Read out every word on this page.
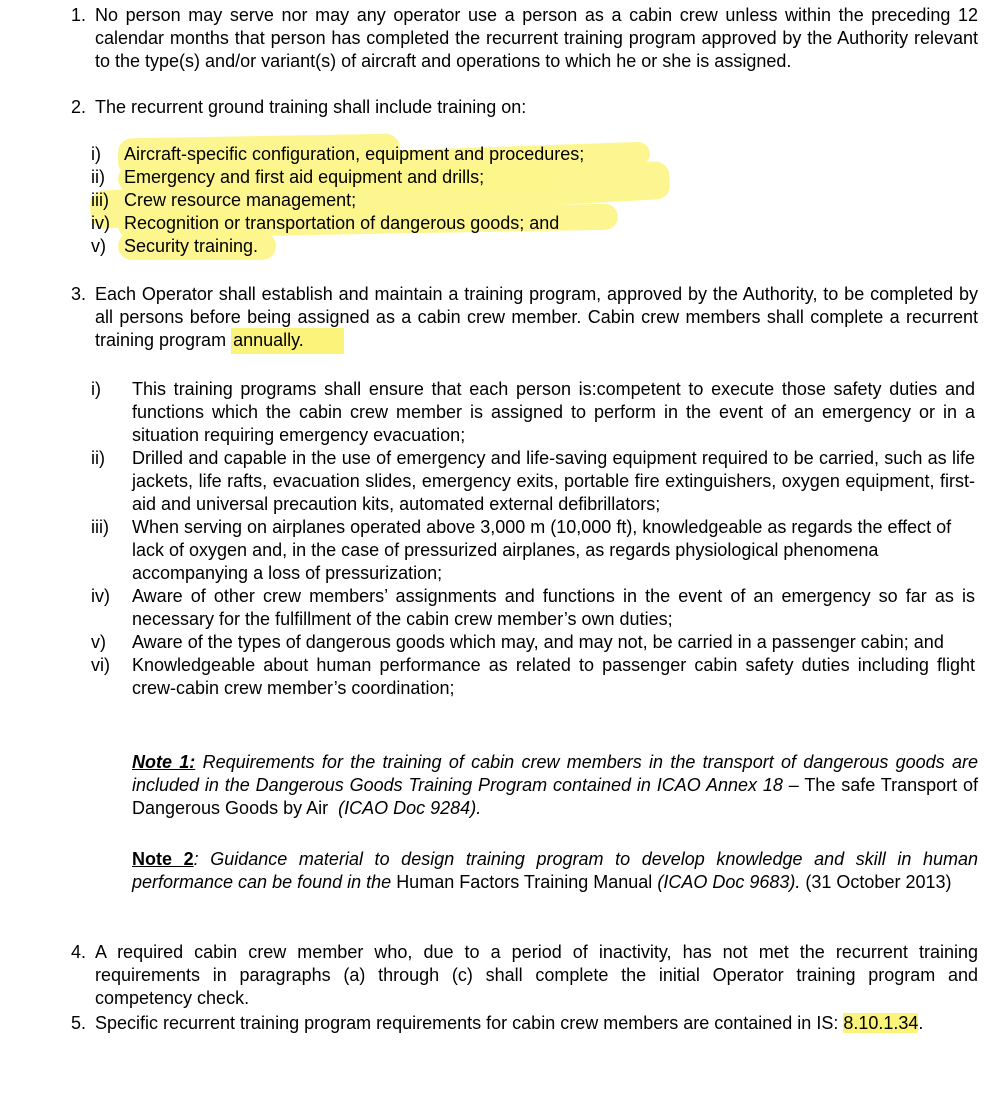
1. No person may serve nor may any operator use a person as a cabin crew unless within the preceding 12 calendar months that person has completed the recurrent training program approved by the Authority relevant to the type(s) and/or variant(s) of aircraft and operations to which he or she is assigned.
2. The recurrent ground training shall include training on:
i) Aircraft-specific configuration, equipment and procedures;
ii) Emergency and first aid equipment and drills;
iii) Crew resource management;
iv) Recognition or transportation of dangerous goods; and
v) Security training.
3. Each Operator shall establish and maintain a training program, approved by the Authority, to be completed by all persons before being assigned as a cabin crew member. Cabin crew members shall complete a recurrent training program annually.
i) This training programs shall ensure that each person is:competent to execute those safety duties and functions which the cabin crew member is assigned to perform in the event of an emergency or in a situation requiring emergency evacuation;
ii) Drilled and capable in the use of emergency and life-saving equipment required to be carried, such as life jackets, life rafts, evacuation slides, emergency exits, portable fire extinguishers, oxygen equipment, first-aid and universal precaution kits, automated external defibrillators;
iii) When serving on airplanes operated above 3,000 m (10,000 ft), knowledgeable as regards the effect of lack of oxygen and, in the case of pressurized airplanes, as regards physiological phenomena accompanying a loss of pressurization;
iv) Aware of other crew members’ assignments and functions in the event of an emergency so far as is necessary for the fulfillment of the cabin crew member’s own duties;
v) Aware of the types of dangerous goods which may, and may not, be carried in a passenger cabin; and
vi) Knowledgeable about human performance as related to passenger cabin safety duties including flight crew-cabin crew member’s coordination;

Note 1: Requirements for the training of cabin crew members in the transport of dangerous goods are included in the Dangerous Goods Training Program contained in ICAO Annex 18 – The safe Transport of Dangerous Goods by Air (ICAO Doc 9284).

Note 2: Guidance material to design training program to develop knowledge and skill in human performance can be found in the Human Factors Training Manual (ICAO Doc 9683). (31 October 2013)

4. A required cabin crew member who, due to a period of inactivity, has not met the recurrent training requirements in paragraphs (a) through (c) shall complete the initial Operator training program and competency check.
5. Specific recurrent training program requirements for cabin crew members are contained in IS: 8.10.1.34.
